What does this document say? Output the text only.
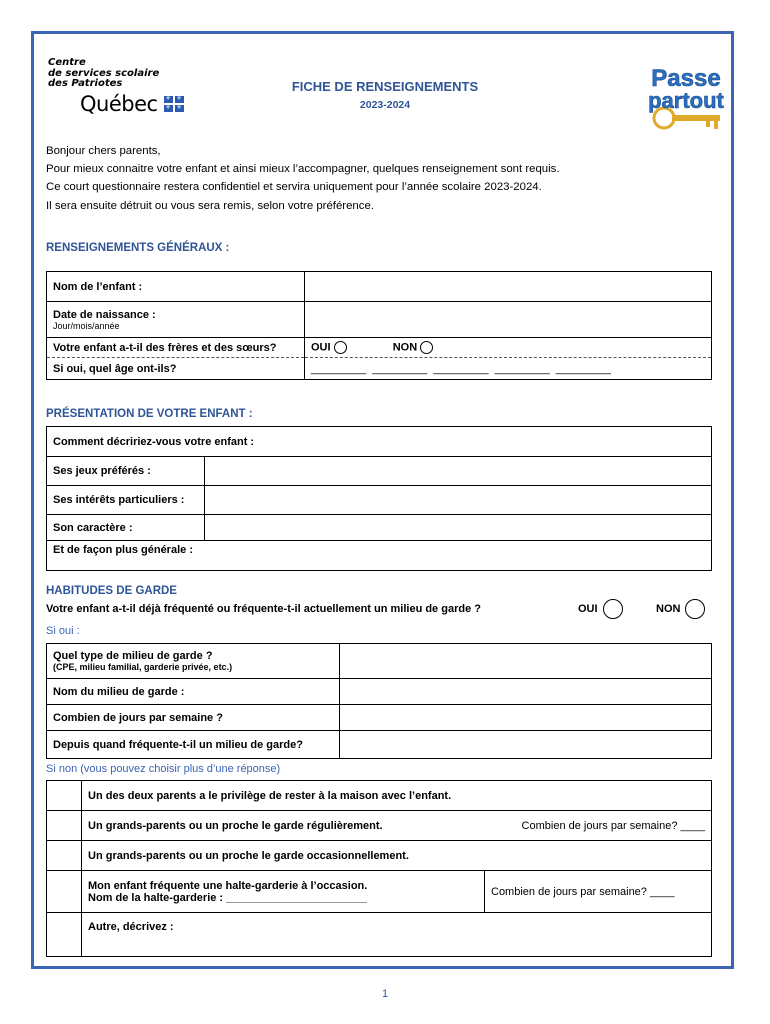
Centre
de services scolaire
des Patriotes
Québec ⚜ ⚜
⚜ ⚜
FICHE DE RENSEIGNEMENTS
2023-2024
Passe
partout
Bonjour chers parents,
Pour mieux connaitre votre enfant et ainsi mieux l’accompagner, quelques renseignement sont requis.
Ce court questionnaire restera confidentiel et servira uniquement pour l’année scolaire 2023-2024.
Il sera ensuite détruit ou vous sera remis, selon votre préférence.
RENSEIGNEMENTS GÉNÉRAUX :
Nom de l’enfant :	

Date de naissance :
Jour/mois/année	

Votre enfant a-t-il des frères et des sœurs?	OUI NON
Si oui, quel âge ont-ils?	_________ _________ _________ _________ _________
PRÉSENTATION DE VOTRE ENFANT :
Comment décririez-vous votre enfant :	
Ses jeux préférés :	
Ses intérêts particuliers :	
Son caractère :	
Et de façon plus générale :	
HABITUDES DE GARDE
Votre enfant a-t-il déjà fréquenté ou fréquente-t-il actuellement un milieu de garde ?	OUI	NON
Si oui :
Quel type de milieu de garde ?
(CPE, milieu familial, garderie privée, etc.)	

Nom du milieu de garde :	
Combien de jours par semaine ?	
Depuis quand fréquente-t-il un milieu de garde?	
Si non (vous pouvez choisir plus d’une réponse)
	Un des deux parents a le privilège de rester à la maison avec l’enfant.	
	Un grands-parents ou un proche le garde régulièrement.	Combien de jours par semaine? ____
	Un grands-parents ou un proche le garde occasionnellement.	

	Mon enfant fréquente une halte-garderie à l’occasion.
Nom de la halte-garderie : _______________________	Combien de jours par semaine? ____
	Autre, décrivez :	
1
